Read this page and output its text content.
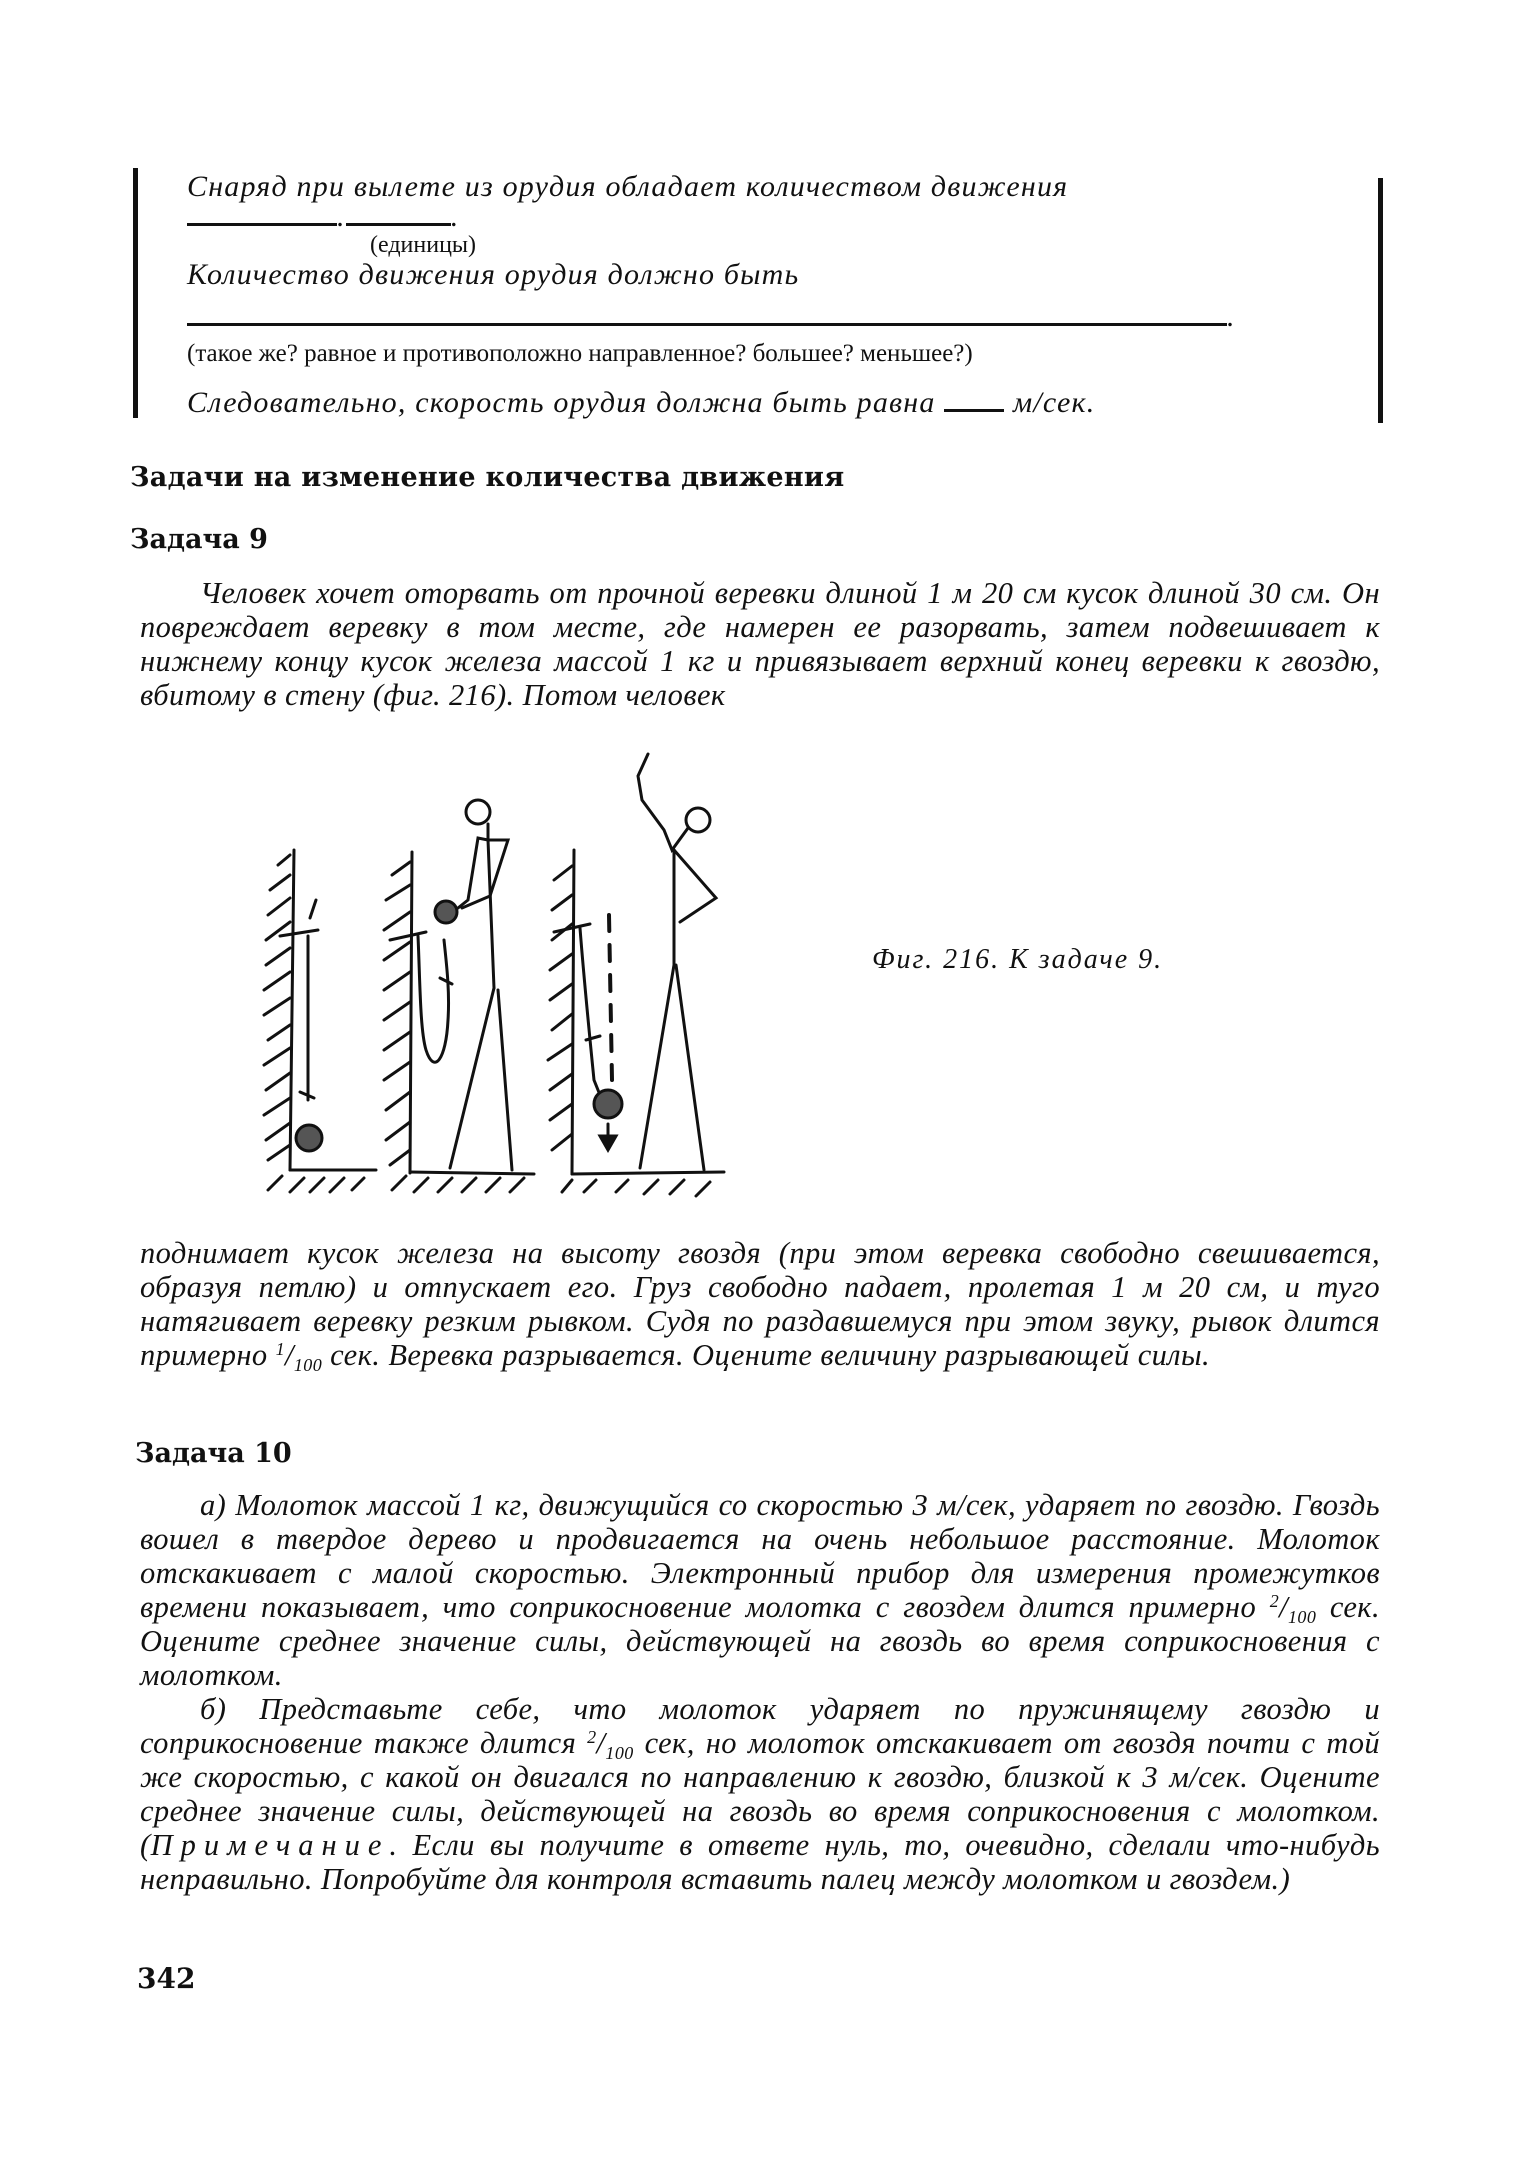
Снаряд при вылете из орудия обладает количеством движения
.	.
(единицы)
Количество движения орудия должно быть
.
(такое же? равное и противоположно направленное? большее? меньшее?)
Следовательно, скорость орудия должна быть равна	м/сек.
Задачи на изменение количества движения
Задача 9

Человек хочет оторвать от прочной веревки длиной 1 м 20 см кусок длиной 30 см. Он повреждает веревку в том месте, где намерен ее разорвать, затем подвешивает к нижнему концу кусок железа массой 1 кг и привязывает верхний конец веревки к гвоздю, вбитому в стену (фиг. 216). Потом человек

Фиг. 216. К задаче 9.

поднимает кусок железа на высоту гвоздя (при этом веревка свободно свешивается, образуя петлю) и отпускает его. Груз свободно падает, пролетая 1 м 20 см, и туго натягивает веревку резким рывком. Судя по раздавшемуся при этом звуку, рывок длится примерно $^1/_{100}$ сек. Веревка разрывается. Оцените величину разрывающей силы.

Задача 10

а) Молоток массой 1 кг, движущийся со скоростью 3 м/сек, ударяет по гвоздю. Гвоздь вошел в твердое дерево и продвигается на очень небольшое расстояние. Молоток отскакивает с малой скоростью. Электронный прибор для измерения промежутков времени показывает, что соприкосновение молотка с гвоздем длится примерно $^2/_{100}$ сек. Оцените среднее значение силы, действующей на гвоздь во время соприкосновения с молотком.

б) Представьте себе, что молоток ударяет по пружинящему гвоздю и соприкосновение также длится $^2/_{100}$ сек, но молоток отскакивает от гвоздя почти с той же скоростью, с какой он двигался по направлению к гвоздю, близкой к 3 м/сек. Оцените среднее значение силы, действующей на гвоздь во время соприкосновения с молотком. (Примечание. Если вы получите в ответе нуль, то, очевидно, сделали что-нибудь неправильно. Попробуйте для контроля вставить палец между молотком и гвоздем.)

342
